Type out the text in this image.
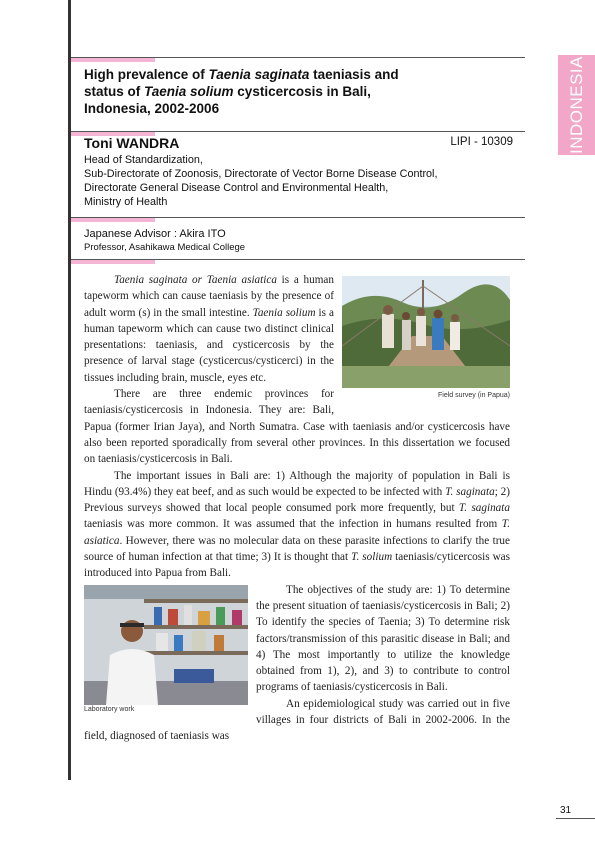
INDONESIA
High prevalence of Taenia saginata taeniasis and
status of Taenia solium cysticercosis in Bali,
Indonesia, 2002-2006
Toni WANDRA	LIPI - 10309
Head of Standardization,
Sub-Directorate of Zoonosis, Directorate of Vector Borne Disease Control,
Directorate General Disease Control and Environmental Health,
Ministry of Health
Japanese Advisor : Akira ITO
Professor, Asahikawa Medical College
Field survey (in Papua)

Taenia saginata or Taenia asiatica is a human tapeworm which can cause taeniasis by the presence of adult worm (s) in the small intestine. Taenia solium is a human tapeworm which can cause two distinct clinical presentations: taeniasis, and cysticercosis by the presence of larval stage (cysticercus/cysticerci) in the tissues including brain, muscle, eyes etc.

There are three endemic provinces for taeniasis/cysticercosis in Indonesia. They are: Bali, Papua (former Irian Jaya), and North Sumatra. Case with taeniasis and/or cysticercosis have also been reported sporadically from several other provinces. In this dissertation we focused on taeniasis/cysticercosis in Bali.

The important issues in Bali are: 1) Although the majority of population in Bali is Hindu (93.4%) they eat beef, and as such would be expected to be infected with T. saginata; 2) Previous surveys showed that local people consumed pork more frequently, but T. saginata taeniasis was more common. It was assumed that the infection in humans resulted from T. asiatica. However, there was no molecular data on these parasite infections to clarify the true source of human infection at that time; 3) It is thought that T. solium taeniasis/cyticercosis was introduced into Papua from Bali.

Laboratory work

The objectives of the study are: 1) To determine the present situation of taeniasis/cysticercosis in Bali; 2) To identify the species of Taenia; 3) To determine risk factors/transmission of this parasitic disease in Bali; and 4) The most importantly to utilize the knowledge obtained from 1), 2), and 3) to contribute to control programs of taeniasis/cysticercosis in Bali.

An epidemiological study was carried out in five villages in four districts of Bali in 2002-2006. In the field, diagnosed of taeniasis was

31
